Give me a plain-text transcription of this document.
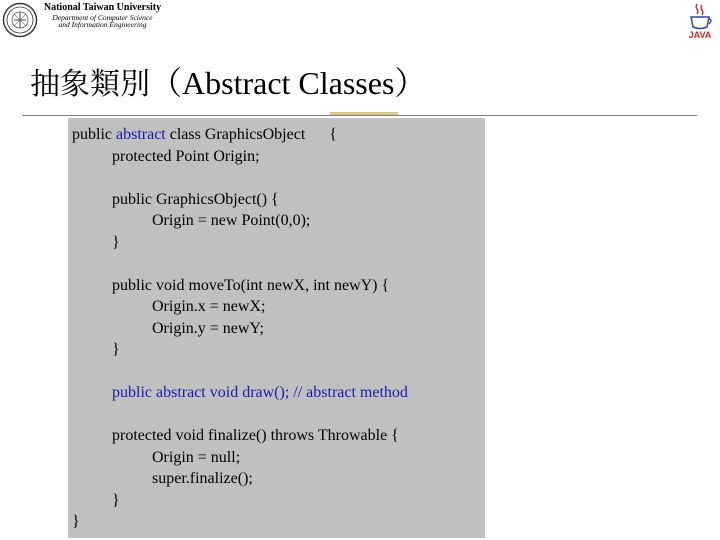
National Taiwan University
Department of Computer Science
and Information Engineering
JAVA
抽象類別（Abstract Classes）
public abstract class GraphicsObject      {
protected Point Origin;

public GraphicsObject() {
Origin = new Point(0,0);
}

public void moveTo(int newX, int newY) {
Origin.x = newX;
Origin.y = newY;
}

public abstract void draw(); // abstract method

protected void finalize() throws Throwable {
Origin = null;
super.finalize();
}
}
